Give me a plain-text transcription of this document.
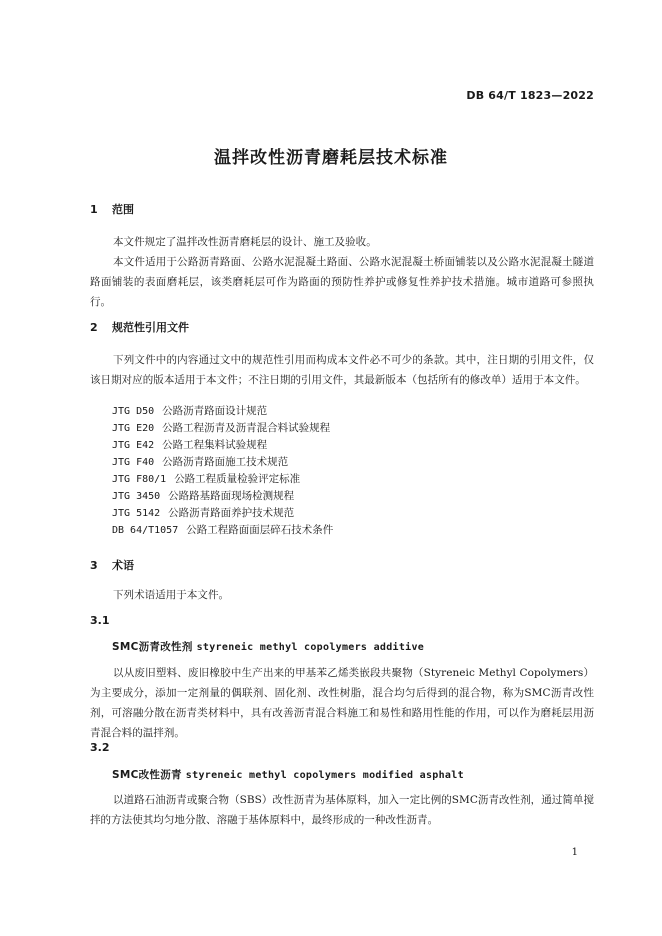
DB 64/T 1823—2022
温拌改性沥青磨耗层技术标准
1 范围
本文件规定了温拌改性沥青磨耗层的设计、施工及验收。
本文件适用于公路沥青路面、公路水泥混凝土路面、公路水泥混凝土桥面铺装以及公路水泥混凝土隧道路面铺装的表面磨耗层，该类磨耗层可作为路面的预防性养护或修复性养护技术措施。城市道路可参照执行。
2 规范性引用文件
下列文件中的内容通过文中的规范性引用而构成本文件必不可少的条款。其中，注日期的引用文件，仅该日期对应的版本适用于本文件；不注日期的引用文件，其最新版本（包括所有的修改单）适用于本文件。
JTG D50 公路沥青路面设计规范
JTG E20 公路工程沥青及沥青混合料试验规程
JTG E42 公路工程集料试验规程
JTG F40 公路沥青路面施工技术规范
JTG F80/1 公路工程质量检验评定标准
JTG 3450 公路路基路面现场检测规程
JTG 5142 公路沥青路面养护技术规范
DB 64/T1057 公路工程路面面层碎石技术条件
3 术语
下列术语适用于本文件。
3.1
SMC沥青改性剂 styreneic methyl copolymers additive
以从废旧塑料、废旧橡胶中生产出来的甲基苯乙烯类嵌段共聚物（Styreneic Methyl Copolymers）为主要成分，添加一定剂量的偶联剂、固化剂、改性树脂，混合均匀后得到的混合物，称为SMC沥青改性剂，可溶融分散在沥青类材料中，具有改善沥青混合料施工和易性和路用性能的作用，可以作为磨耗层用沥青混合料的温拌剂。
3.2
SMC改性沥青 styreneic methyl copolymers modified asphalt
以道路石油沥青或聚合物（SBS）改性沥青为基体原料，加入一定比例的SMC沥青改性剂，通过简单搅拌的方法使其均匀地分散、溶融于基体原料中，最终形成的一种改性沥青。
1
